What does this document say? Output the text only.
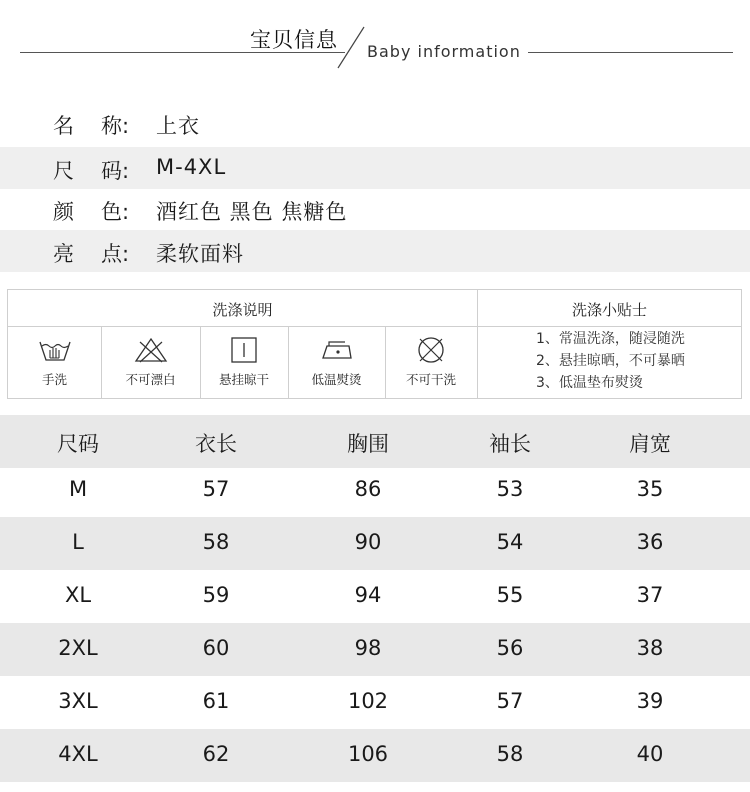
宝贝信息 Baby information
名 称: 上衣
尺 码: M-4XL
颜 色: 酒红色 黑色 焦糖色
亮 点: 柔软面料
洗涤说明	洗涤小贴士
手洗	不可漂白	悬挂晾干	低温熨烫	不可干洗
1、常温洗涤，随浸随洗
2、悬挂晾晒，不可暴晒
3、低温垫布熨烫
尺码	衣长	胸围	袖长	肩宽
M	57	86	53	35
L	58	90	54	36
XL	59	94	55	37
2XL	60	98	56	38
3XL	61	102	57	39
4XL	62	106	58	40
